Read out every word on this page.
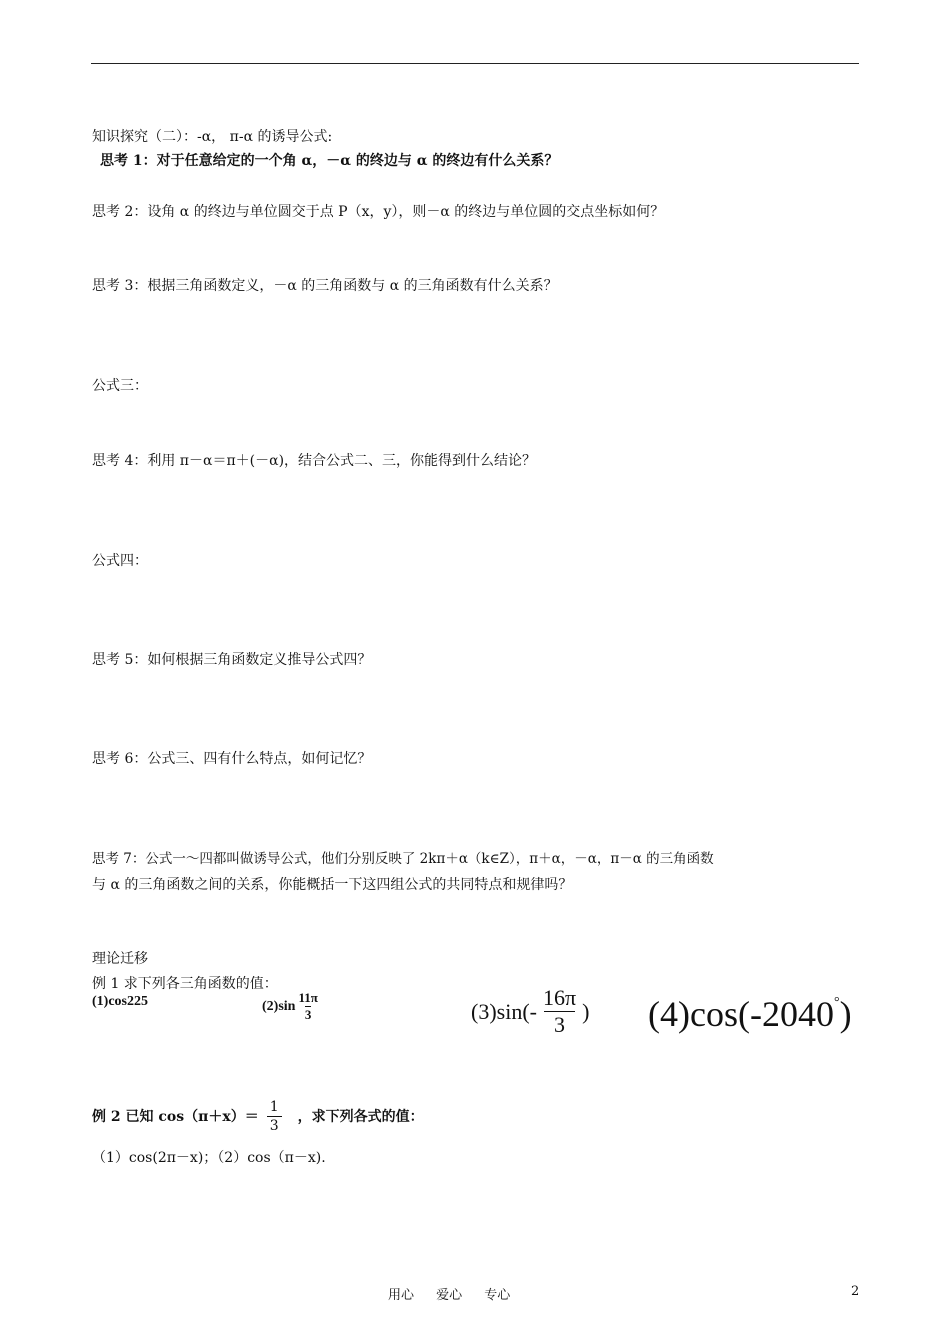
知识探究（二）：-α， π-α 的诱导公式:
思考 1：对于任意给定的一个角 α，－α 的终边与 α 的终边有什么关系？
思考 2：设角 α 的终边与单位圆交于点 P（x，y），则－α 的终边与单位圆的交点坐标如何？
思考 3：根据三角函数定义，－α 的三角函数与 α 的三角函数有什么关系？
公式三：
思考 4：利用 π－α＝π＋(－α)，结合公式二、三，你能得到什么结论？
公式四：
思考 5：如何根据三角函数定义推导公式四？
思考 6：公式三、四有什么特点，如何记忆？
思考 7：公式一～四都叫做诱导公式，他们分别反映了 2kπ＋α（k∈Z），π＋α，－α，π－α 的三角函数
与 α 的三角函数之间的关系，你能概括一下这四组公式的共同特点和规律吗？
理论迁移
例 1 求下列各三角函数的值：
(1)cos225	$(2)\sin \frac{11\pi}{3}$	$(3)\sin(- \frac{16\pi}{3}$ ) (4)cos(-2040°)
例 2 已知 $\cos(\pi+x)= \frac{1}{3}$ ，求下列各式的值：
（1）cos(2π－x)；（2）cos（π－x).
用心 爱心 专心	2
